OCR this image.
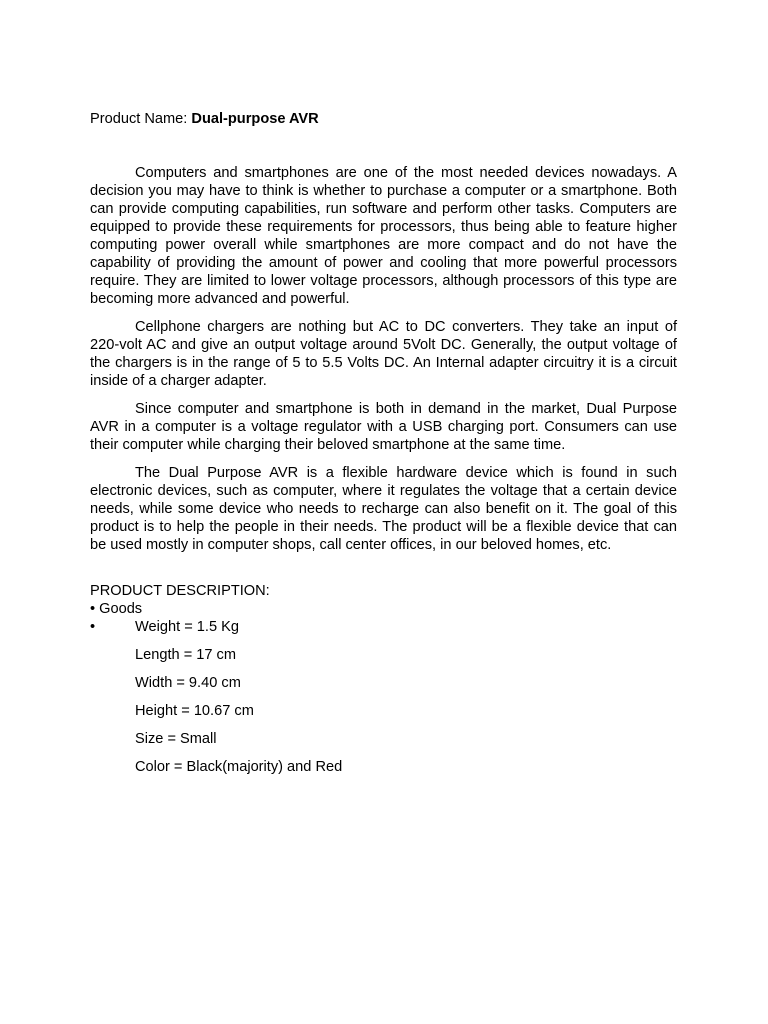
Product Name: Dual-purpose AVR

Computers and smartphones are one of the most needed devices nowadays. A decision you may have to think is whether to purchase a computer or a smartphone. Both can provide computing capabilities, run software and perform other tasks. Computers are equipped to provide these requirements for processors, thus being able to feature higher computing power overall while smartphones are more compact and do not have the capability of providing the amount of power and cooling that more powerful processors require. They are limited to lower voltage processors, although processors of this type are becoming more advanced and powerful.

Cellphone chargers are nothing but AC to DC converters. They take an input of 220-volt AC and give an output voltage around 5Volt DC. Generally, the output voltage of the chargers is in the range of 5 to 5.5 Volts DC. An Internal adapter circuitry it is a circuit inside of a charger adapter.

Since computer and smartphone is both in demand in the market, Dual Purpose AVR in a computer is a voltage regulator with a USB charging port. Consumers can use their computer while charging their beloved smartphone at the same time.

The Dual Purpose AVR is a flexible hardware device which is found in such electronic devices, such as computer, where it regulates the voltage that a certain device needs, while some device who needs to recharge can also benefit on it. The goal of this product is to help the people in their needs. The product will be a flexible device that can be used mostly in computer shops, call center offices, in our beloved homes, etc.

PRODUCT DESCRIPTION:

• Goods

•	Weight = 1.5 Kg
Length = 17 cm
Width = 9.40 cm
Height = 10.67 cm
Size = Small
Color = Black(majority) and Red
